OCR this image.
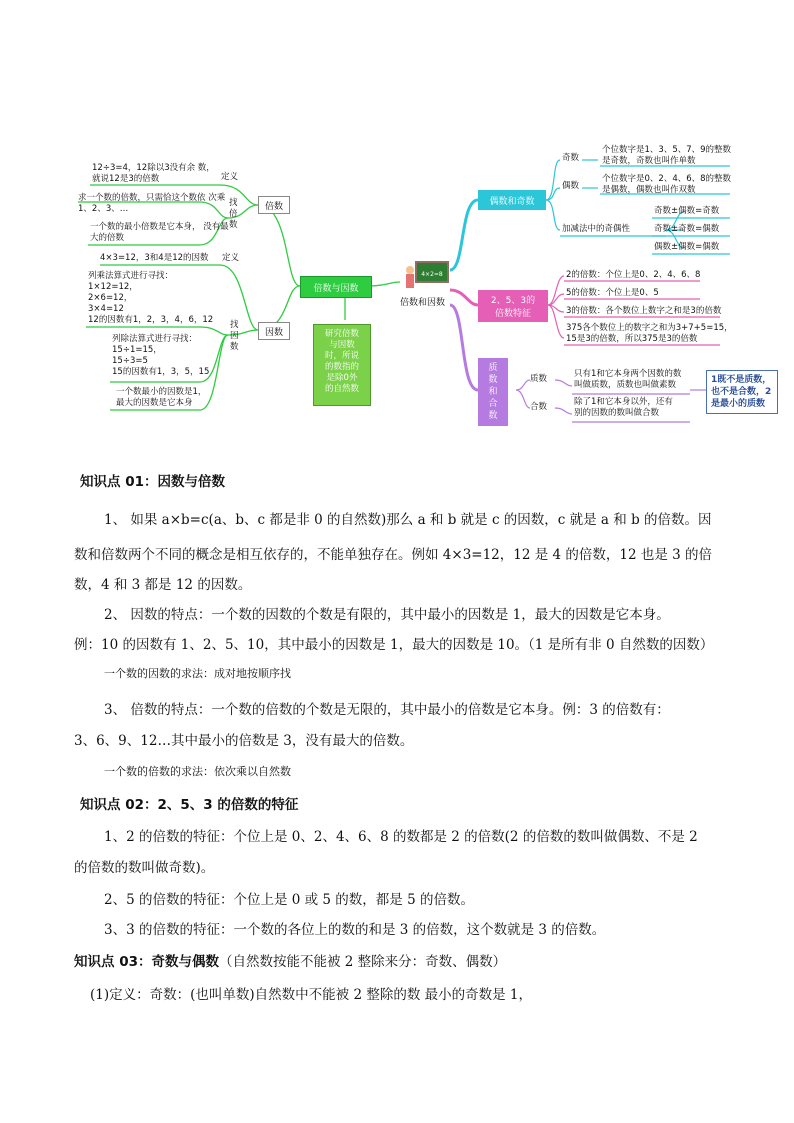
12÷3=4，12除以3没有余 数，就说12是3的倍数	定义
求一个数的倍数，只需恰这个数依 次乘1、2、3、…
一个数的最小倍数是它本身， 没有最大的倍数
找
倍
数
倍数
4×3=12，3和4是12的因数 定义
列乘法算式进行寻找：
1×12=12，
2×6=12，
3×4=12
12的因数有1，2，3，4，6，12
列除法算式进行寻找：
15÷1=15，
15÷3=5
15的因数有1，3，5，15
一个数最小的因数是1，
最大的因数是它本身
找
因
数
因数
倍数与因数
研究倍数
与因数
时，所说
的数指的
是除0外
的自然数
4×2=8
倍数和因数
偶数和奇数
奇数
偶数
个位数字是1、3、5、7、9的整数
是奇数，奇数也叫作单数
个位数字是0、2、4、6、8的整数
是偶数，偶数也叫作双数
加减法中的奇偶性
奇数±偶数=奇数
奇数±奇数=偶数
偶数±偶数=偶数
2、5、3的
倍数特征
2的倍数：个位上是0、2、4、6、8
5的倍数：个位上是0、5
3的倍数：各个数位上数字之和是3的倍数
375各个数位上的数字之和为3+7+5=15，
15是3的倍数，所以375是3的倍数
质
数
和
合
数
质数
合数
只有1和它本身两个因数的数
叫做质数，质数也叫做素数
除了1和它本身以外，还有
别的因数的数叫做合数
1既不是质数，
也不是合数，2
是最小的质数
知识点 01：因数与倍数
1、 如果 a×b=c(a、b、c 都是非 0 的自然数)那么 a 和 b 就是 c 的因数，c 就是 a 和 b 的倍数。因
数和倍数两个不同的概念是相互依存的，不能单独存在。例如 4×3=12，12 是 4 的倍数，12 也是 3 的倍
数，4 和 3 都是 12 的因数。
2、 因数的特点：一个数的因数的个数是有限的，其中最小的因数是 1，最大的因数是它本身。
例：10 的因数有 1、2、5、10，其中最小的因数是 1，最大的因数是 10。（1 是所有非 0 自然数的因数）
一个数的因数的求法：成对地按顺序找
3、 倍数的特点：一个数的倍数的个数是无限的，其中最小的倍数是它本身。例：3 的倍数有：
3、6、9、12…其中最小的倍数是 3，没有最大的倍数。
一个数的倍数的求法：依次乘以自然数
知识点 02：2、5、3 的倍数的特征
1、2 的倍数的特征：个位上是 0、2、4、6、8 的数都是 2 的倍数(2 的倍数的数叫做偶数、不是 2
的倍数的数叫做奇数)。
2、5 的倍数的特征：个位上是 0 或 5 的数，都是 5 的倍数。
3、3 的倍数的特征：一个数的各位上的数的和是 3 的倍数，这个数就是 3 的倍数。
知识点 03：奇数与偶数（自然数按能不能被 2 整除来分：奇数、偶数）
(1)定义：奇数：(也叫单数)自然数中不能被 2 整除的数 最小的奇数是 1，
